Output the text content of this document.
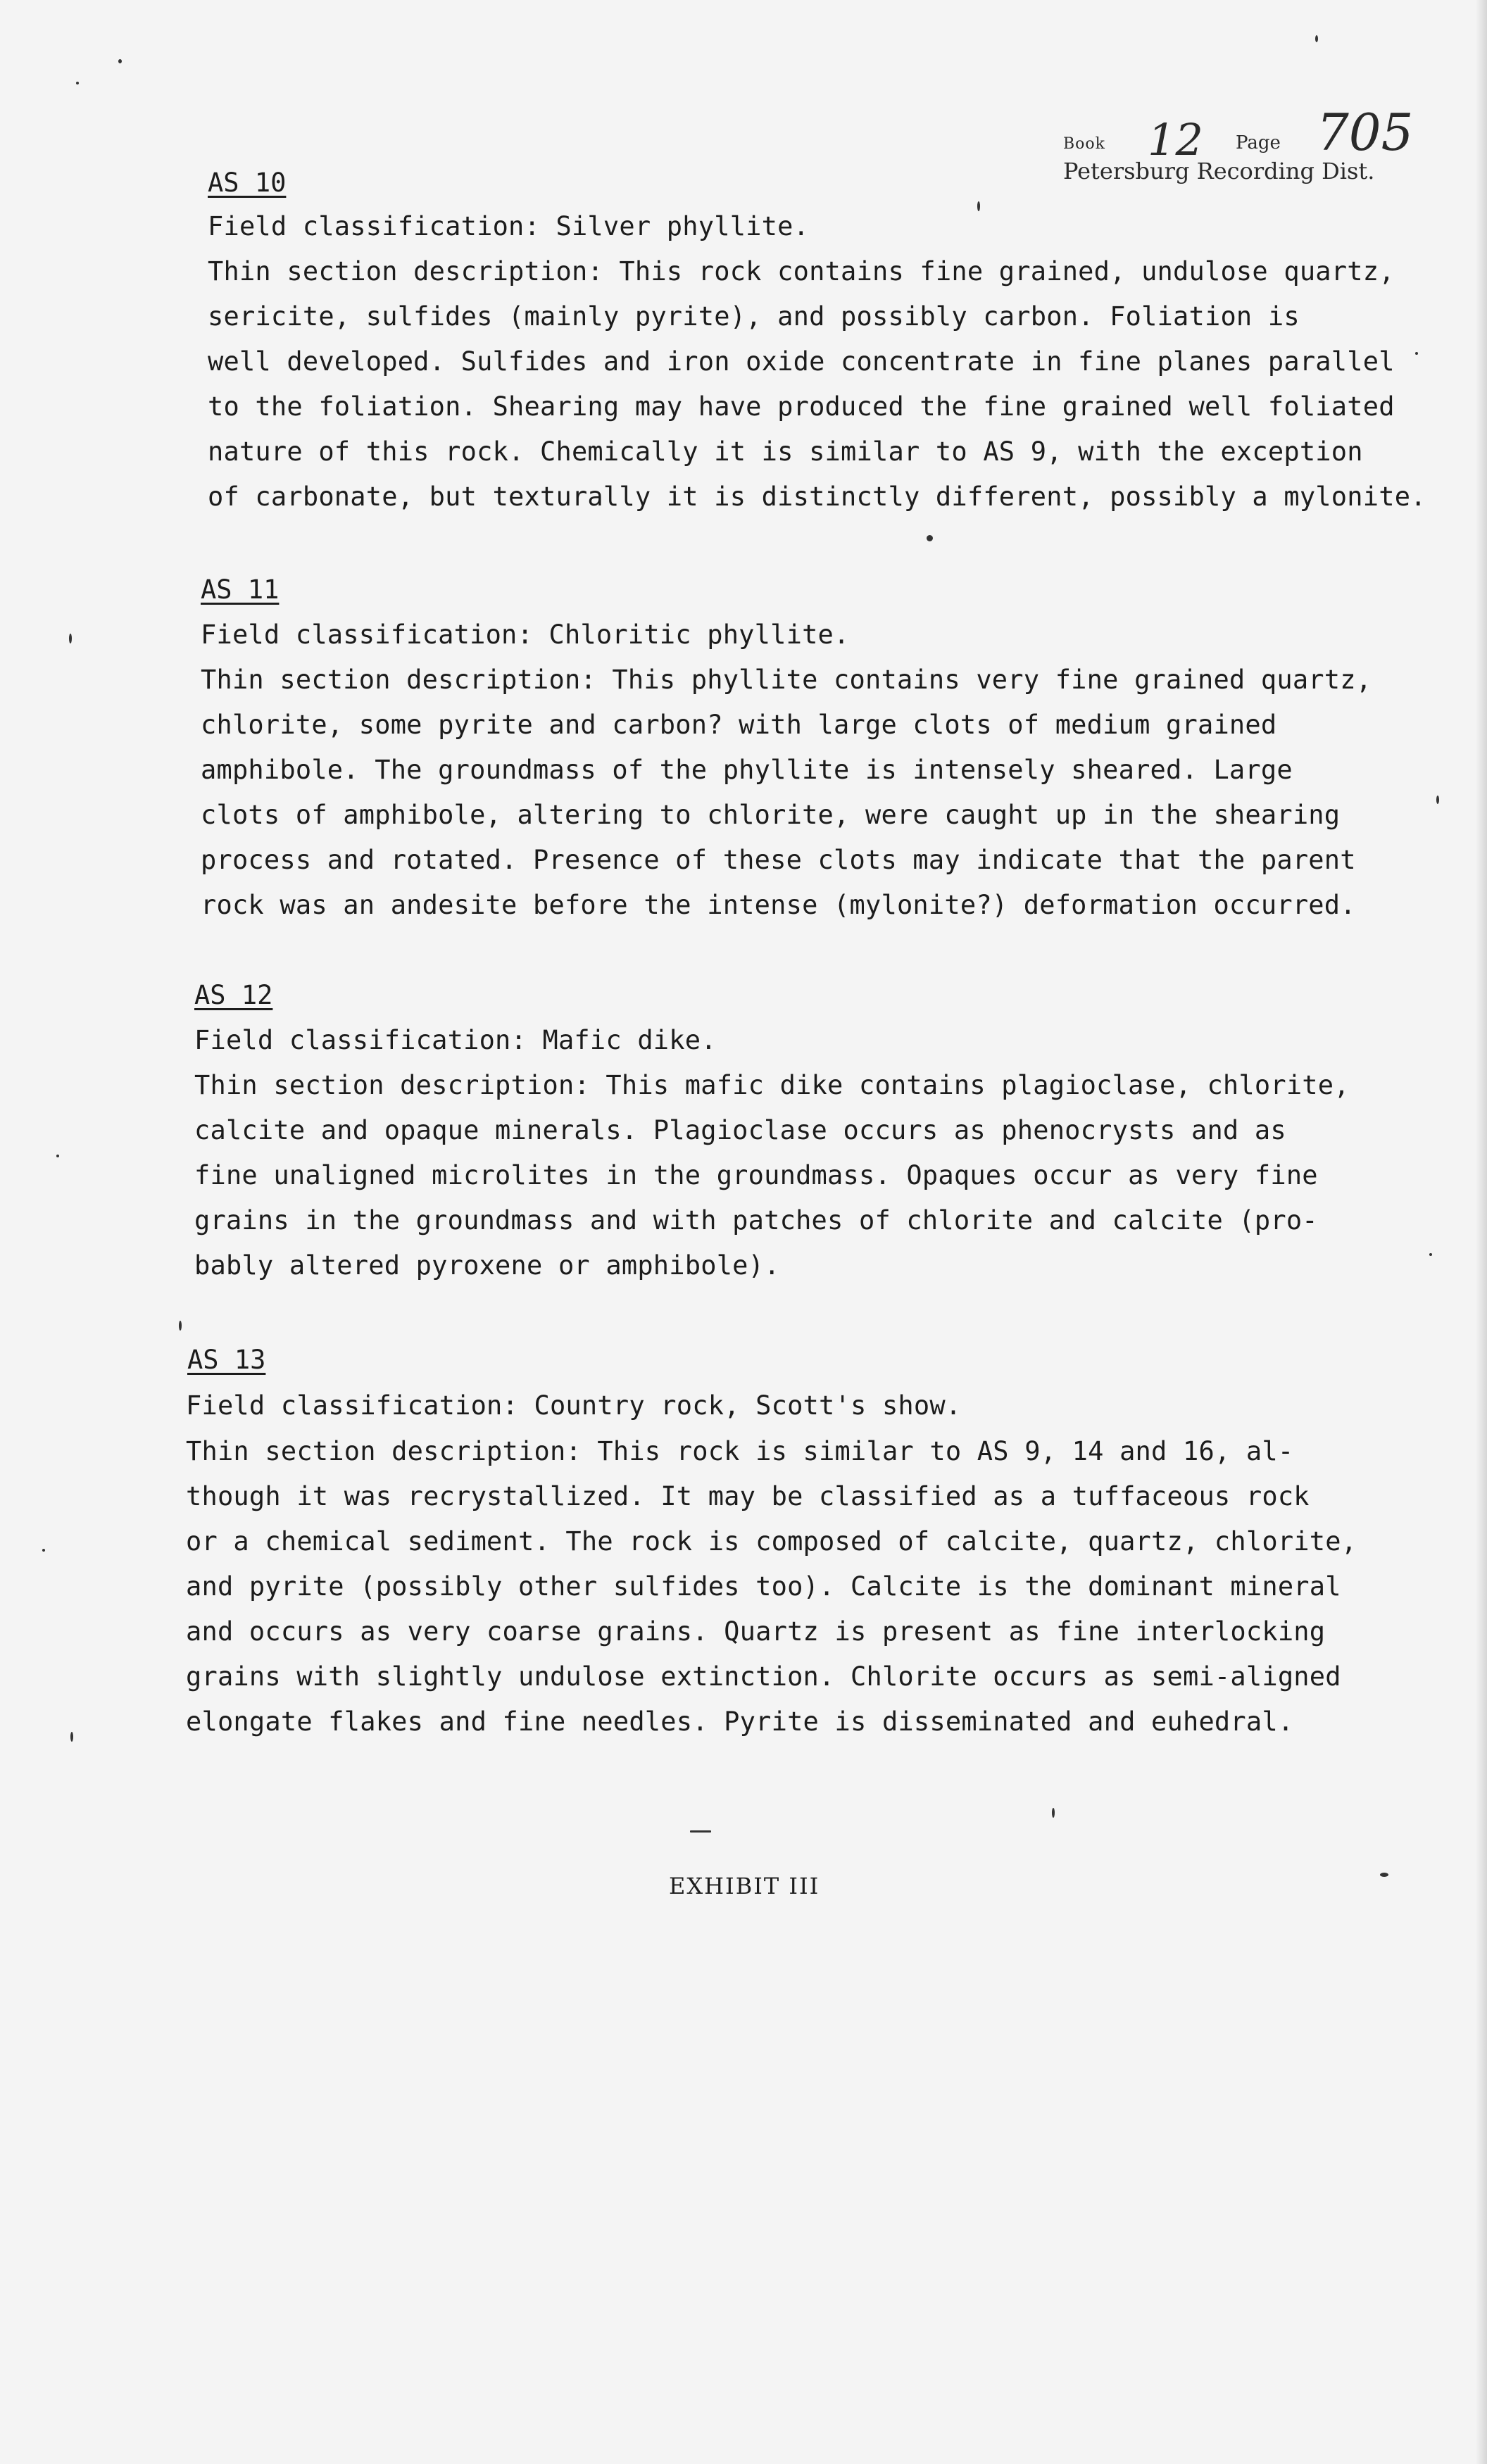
Book 12 Page 705
Petersburg Recording Dist.
AS 10
Field classification: Silver phyllite.
Thin section description: This rock contains fine grained, undulose quartz,
sericite, sulfides (mainly pyrite), and possibly carbon. Foliation is
well developed. Sulfides and iron oxide concentrate in fine planes parallel
to the foliation. Shearing may have produced the fine grained well foliated
nature of this rock. Chemically it is similar to AS 9, with the exception
of carbonate, but texturally it is distinctly different, possibly a mylonite.
AS 11
Field classification: Chloritic phyllite.
Thin section description: This phyllite contains very fine grained quartz,
chlorite, some pyrite and carbon? with large clots of medium grained
amphibole. The groundmass of the phyllite is intensely sheared. Large
clots of amphibole, altering to chlorite, were caught up in the shearing
process and rotated. Presence of these clots may indicate that the parent
rock was an andesite before the intense (mylonite?) deformation occurred.
AS 12
Field classification: Mafic dike.
Thin section description: This mafic dike contains plagioclase, chlorite,
calcite and opaque minerals. Plagioclase occurs as phenocrysts and as
fine unaligned microlites in the groundmass. Opaques occur as very fine
grains in the groundmass and with patches of chlorite and calcite (pro-
bably altered pyroxene or amphibole).
AS 13
Field classification: Country rock, Scott's show.
Thin section description: This rock is similar to AS 9, 14 and 16, al-
though it was recrystallized. It may be classified as a tuffaceous rock
or a chemical sediment. The rock is composed of calcite, quartz, chlorite,
and pyrite (possibly other sulfides too). Calcite is the dominant mineral
and occurs as very coarse grains. Quartz is present as fine interlocking
grains with slightly undulose extinction. Chlorite occurs as semi-aligned
elongate flakes and fine needles. Pyrite is disseminated and euhedral.
EXHIBIT III
